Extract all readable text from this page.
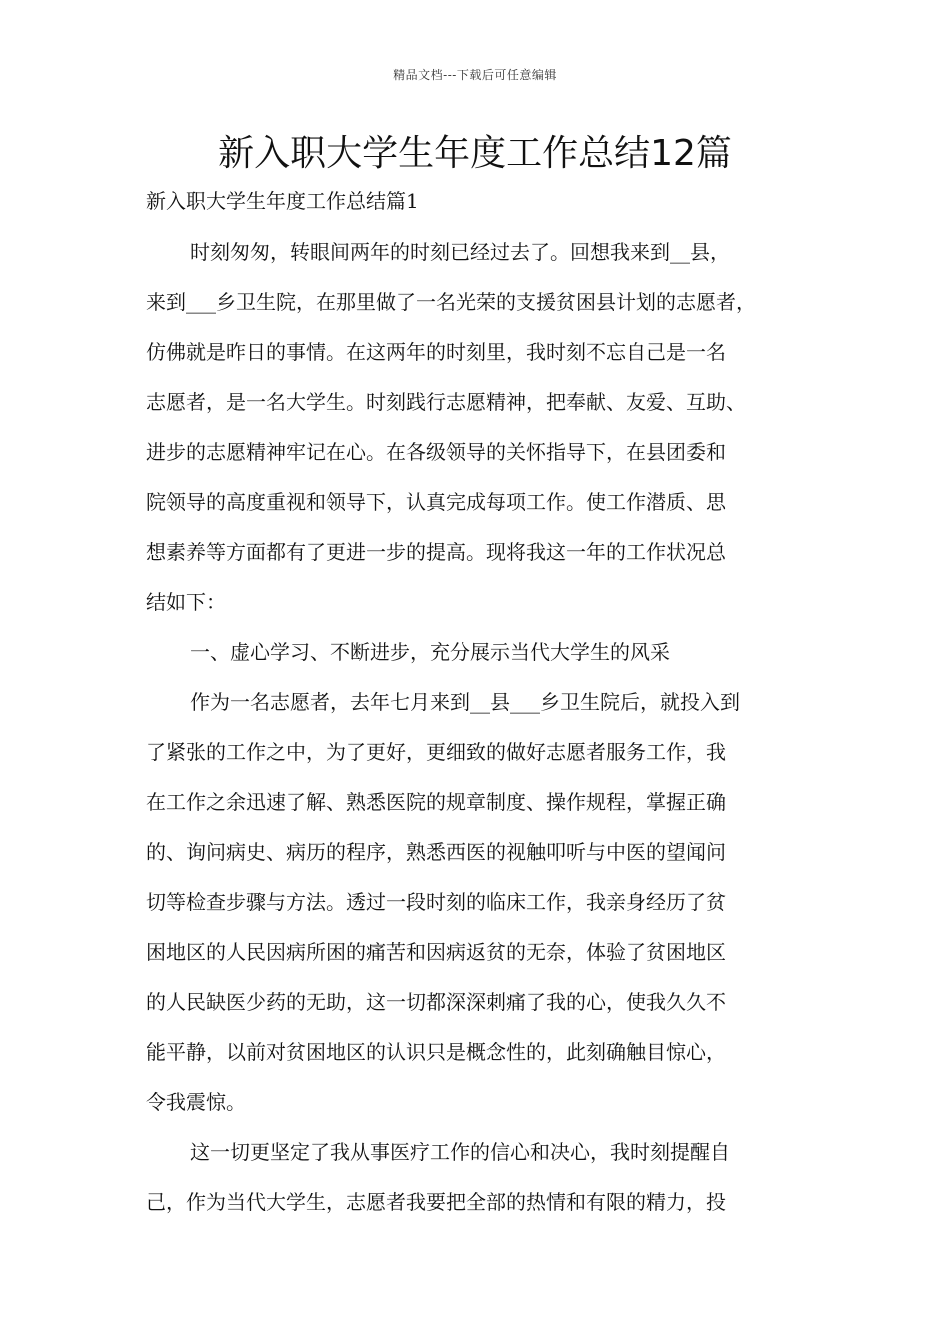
精品文档---下载后可任意编辑
新入职大学生年度工作总结12篇

新入职大学生年度工作总结篇1

时刻匆匆，转眼间两年的时刻已经过去了。回想我来到__县，
来到___乡卫生院，在那里做了一名光荣的支援贫困县计划的志愿者，
仿佛就是昨日的事情。在这两年的时刻里，我时刻不忘自己是一名
志愿者，是一名大学生。时刻践行志愿精神，把奉献、友爱、互助、
进步的志愿精神牢记在心。在各级领导的关怀指导下，在县团委和
院领导的高度重视和领导下，认真完成每项工作。使工作潜质、思
想素养等方面都有了更进一步的提高。现将我这一年的工作状况总
结如下：

一、虚心学习、不断进步，充分展示当代大学生的风采

作为一名志愿者，去年七月来到__县___乡卫生院后，就投入到
了紧张的工作之中，为了更好，更细致的做好志愿者服务工作，我
在工作之余迅速了解、熟悉医院的规章制度、操作规程，掌握正确
的、询问病史、病历的程序，熟悉西医的视触叩听与中医的望闻问
切等检查步骤与方法。透过一段时刻的临床工作，我亲身经历了贫
困地区的人民因病所困的痛苦和因病返贫的无奈，体验了贫困地区
的人民缺医少药的无助，这一切都深深刺痛了我的心，使我久久不
能平静，以前对贫困地区的认识只是概念性的，此刻确触目惊心，
令我震惊。

这一切更坚定了我从事医疗工作的信心和决心，我时刻提醒自
己，作为当代大学生，志愿者我要把全部的热情和有限的精力，投
